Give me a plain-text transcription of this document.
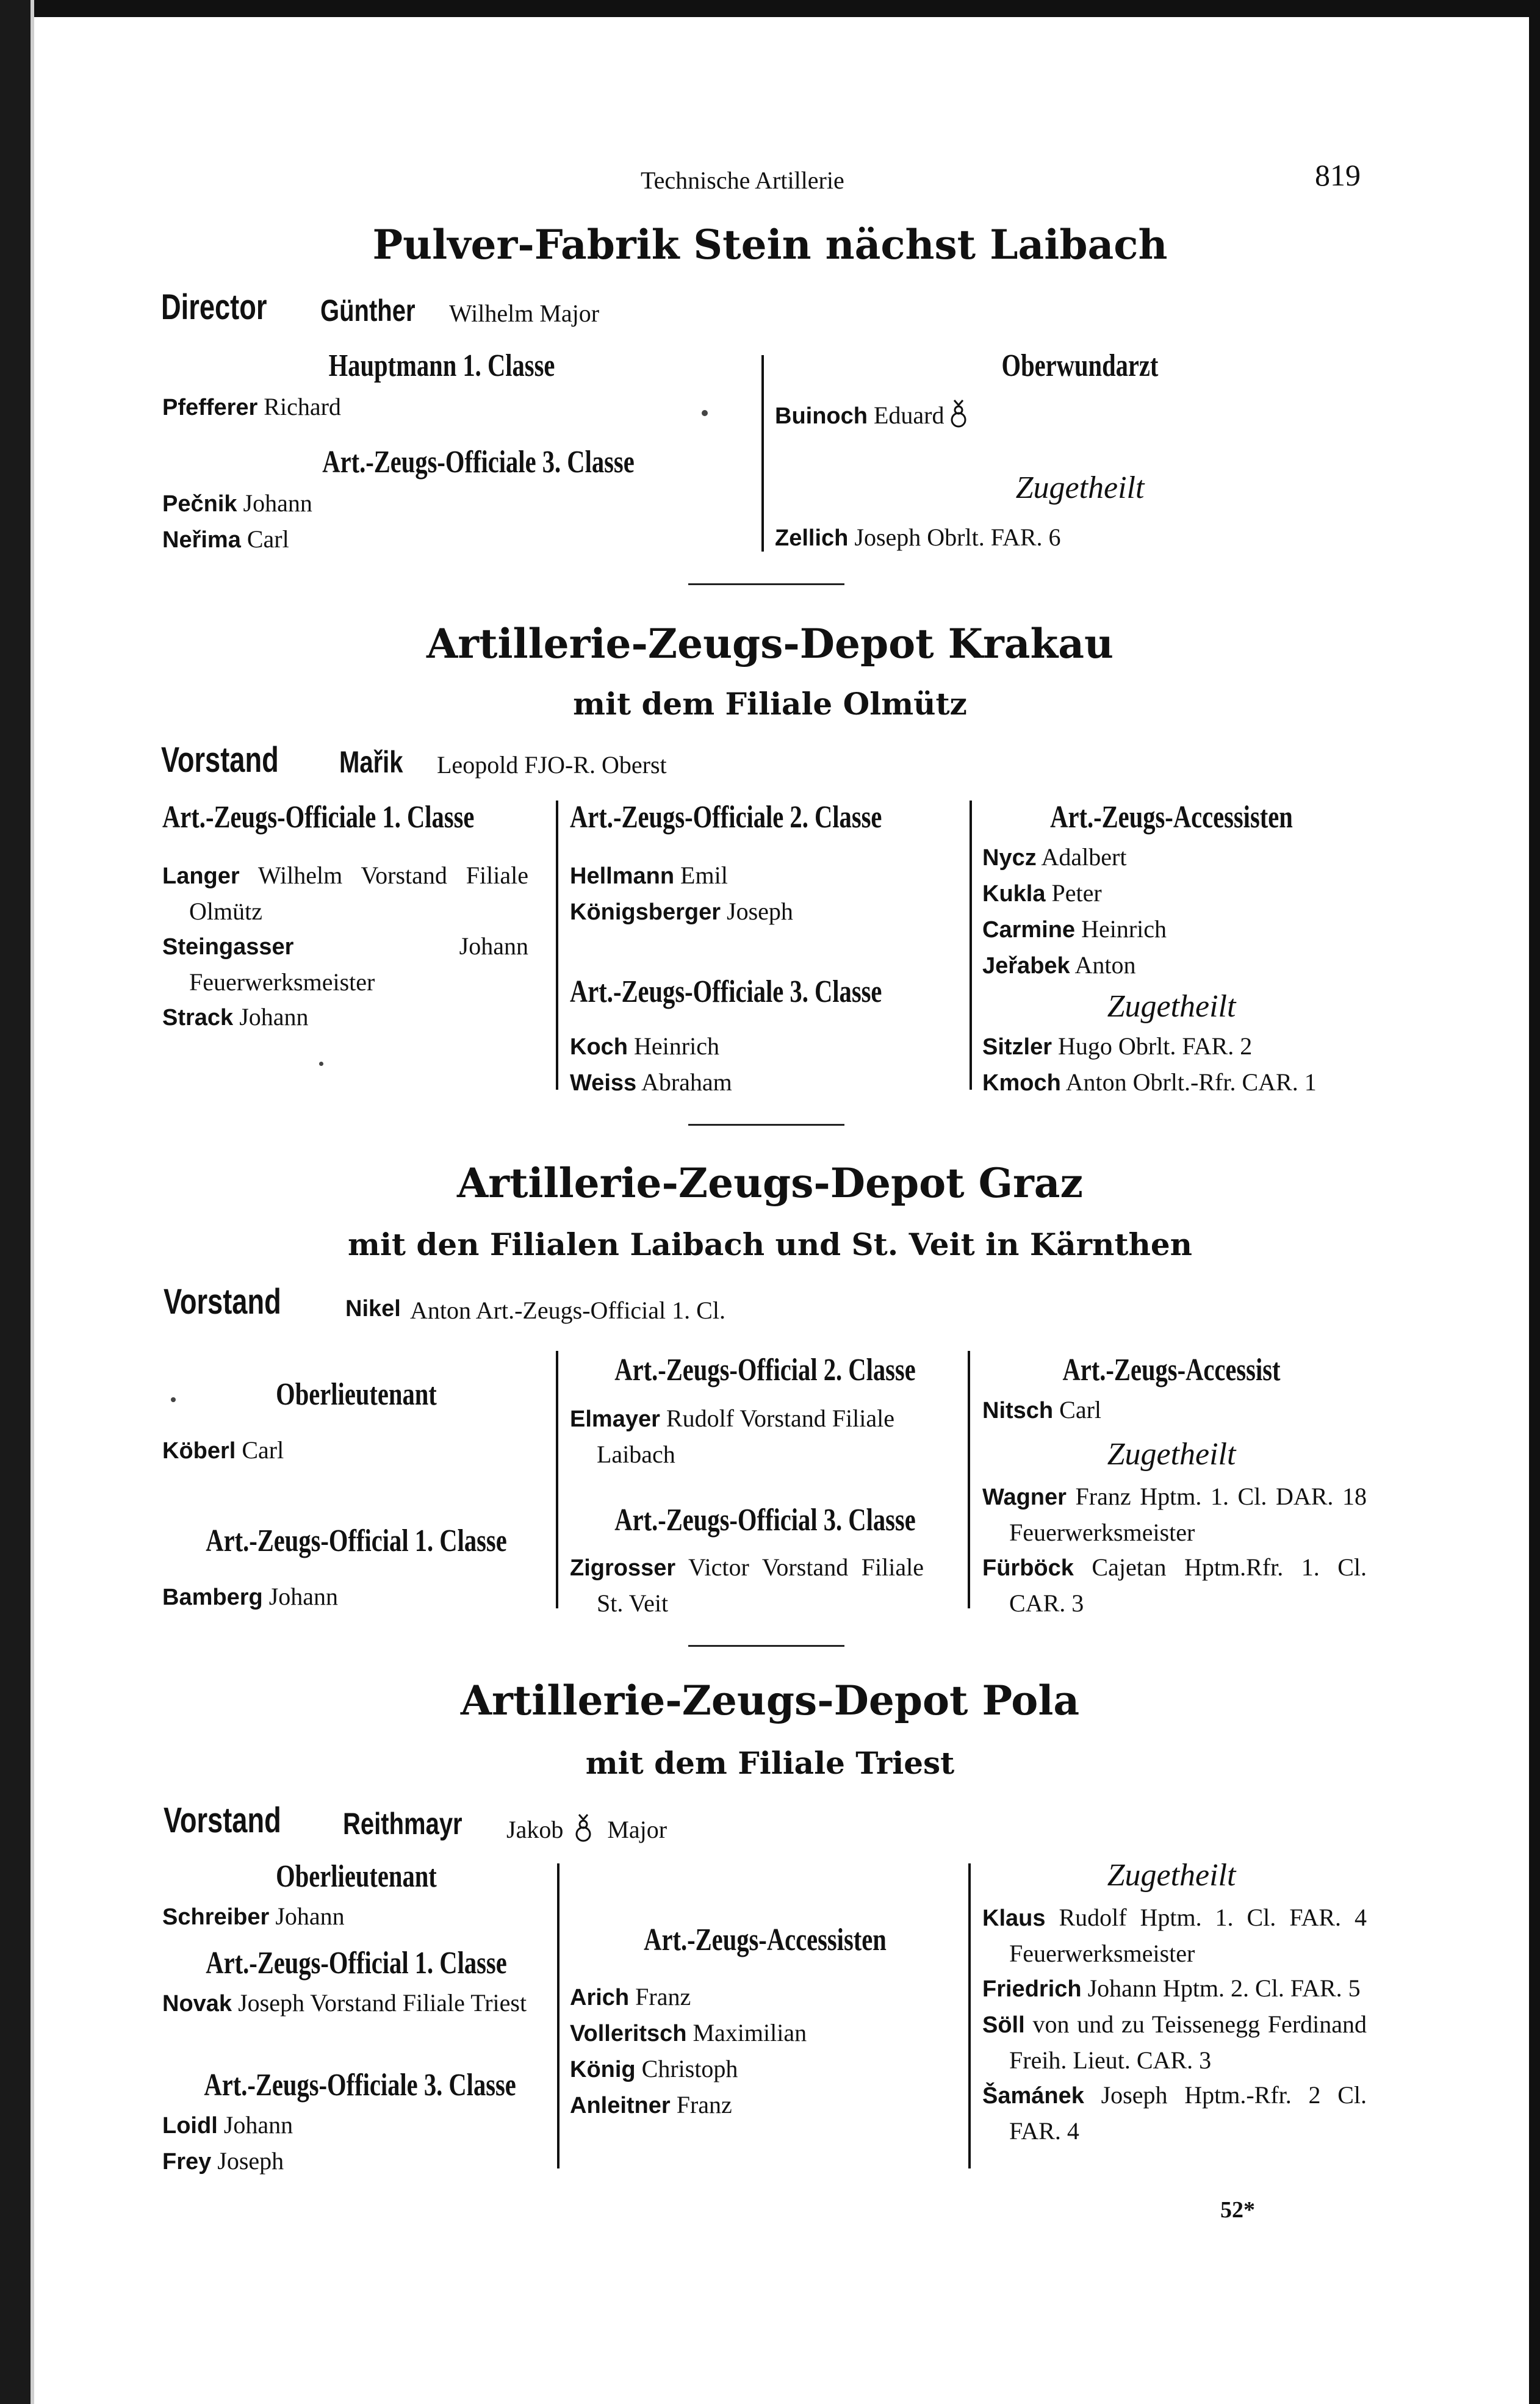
Technische Artillerie	819
Pulver-Fabrik Stein nächst Laibach
Director	Günther	Wilhelm Major
Hauptmann 1. Classe

Pfefferer Richard

Art.-Zeugs-Officiale 3. Classe

Pečnik Johann

Neřima Carl

Oberwundarzt

Buinoch Eduard

Zugetheilt

Zellich Joseph Obrlt. FAR. 6

Artillerie-Zeugs-Depot Krakau
mit dem Filiale Olmütz
Vorstand	Mařik	Leopold FJO-R. Oberst
Art.-Zeugs-Officiale 1. Classe

Langer Wilhelm Vorstand Filiale Olmütz

Steingasser	Johann Feuerwerksmeister

Strack Johann

Art.-Zeugs-Officiale 2. Classe

Hellmann Emil

Königsberger Joseph

Art.-Zeugs-Officiale 3. Classe

Koch Heinrich

Weiss Abraham

Art.-Zeugs-Accessisten

Nycz Adalbert

Kukla Peter

Carmine Heinrich

Jeřabek Anton

Zugetheilt

Sitzler Hugo Obrlt. FAR. 2

Kmoch Anton Obrlt.-Rfr. CAR. 1

Artillerie-Zeugs-Depot Graz
mit den Filialen Laibach und St. Veit in Kärnthen
Vorstand	Nikel Anton Art.-Zeugs-Official 1. Cl.
Oberlieutenant

Köberl Carl

Art.-Zeugs-Official 1. Classe

Bamberg Johann

Art.-Zeugs-Official 2. Classe

Elmayer Rudolf Vorstand Filiale Laibach

Art.-Zeugs-Official 3. Classe

Zigrosser Victor Vorstand Filiale St. Veit

Art.-Zeugs-Accessist

Nitsch Carl

Zugetheilt

Wagner Franz Hptm. 1. Cl. DAR. 18 Feuerwerksmeister

Fürböck Cajetan Hptm.Rfr. 1. Cl. CAR. 3

Artillerie-Zeugs-Depot Pola
mit dem Filiale Triest
Vorstand	Reithmayr	Jakob Major
Oberlieutenant

Schreiber Johann

Art.-Zeugs-Official 1. Classe

Novak Joseph Vorstand Filiale Triest

Art.-Zeugs-Officiale 3. Classe

Loidl Johann

Frey Joseph

Art.-Zeugs-Accessisten

Arich Franz

Volleritsch Maximilian

König Christoph

Anleitner Franz

Zugetheilt

Klaus Rudolf Hptm. 1. Cl. FAR. 4 Feuerwerksmeister

Friedrich Johann Hptm. 2. Cl. FAR. 5

Söll von und zu Teissenegg Ferdinand Freih. Lieut. CAR. 3

Šamánek Joseph Hptm.-Rfr. 2 Cl. FAR. 4

52*
